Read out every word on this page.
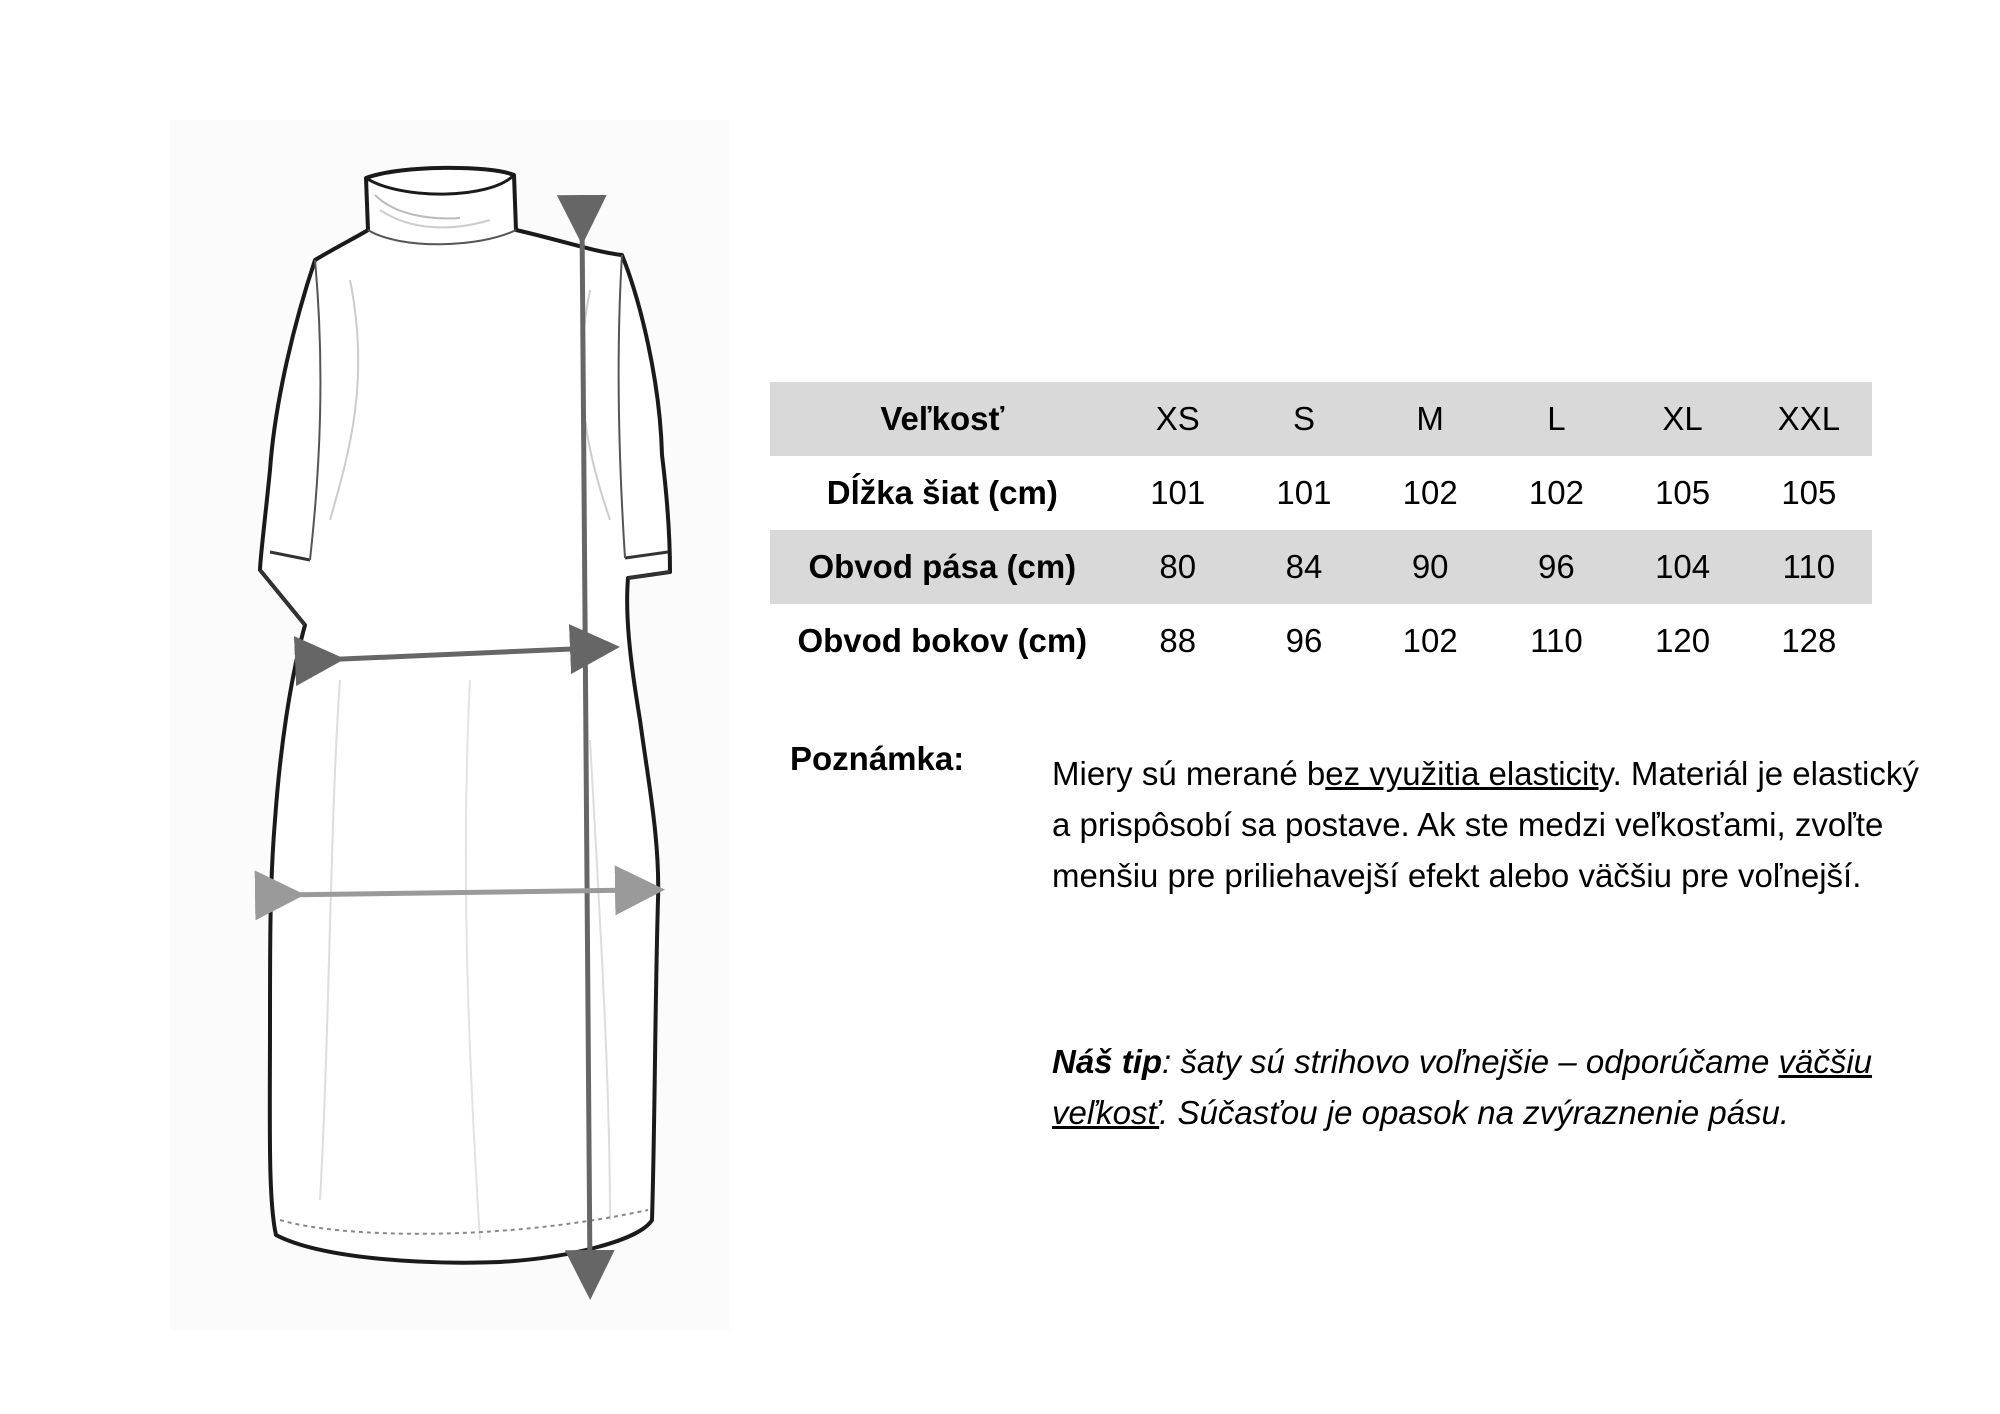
Veľkosť	XS	S	M	L	XL	XXL
Dĺžka šiat (cm)	101	101	102	102	105	105
Obvod pása (cm)	80	84	90	96	104	110
Obvod bokov (cm)	88	96	102	110	120	128
Poznámka:	Miery sú merané bez využitia elasticity. Materiál je elastický a prispôsobí sa postave. Ak ste medzi veľkosťami, zvoľte menšiu pre priliehavejší efekt alebo väčšiu pre voľnejší.
Náš tip: šaty sú strihovo voľnejšie – odporúčame väčšiu veľkosť. Súčasťou je opasok na zvýraznenie pásu.
